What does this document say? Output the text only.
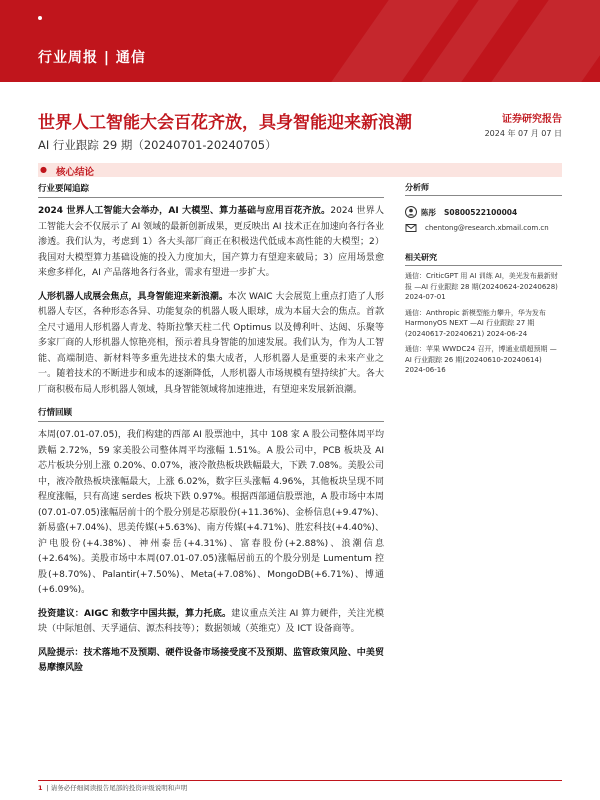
行业周报 | 通信
世界人工智能大会百花齐放，具身智能迎来新浪潮
AI 行业跟踪 29 期（20240701-20240705）
证券研究报告
2024 年 07 月 07 日
● 核心结论
行业要闻追踪

2024 世界人工智能大会举办，AI 大模型、算力基础与应用百花齐放。2024 世界人工智能大会不仅展示了 AI 领域的最新创新成果，更反映出 AI 技术正在加速向各行各业渗透。我们认为，考虑到 1）各大头部厂商正在积极迭代低成本高性能的大模型；2）我国对大模型算力基础设施的投入力度加大，国产算力有望迎来破局；3）应用场景愈来愈多样化，AI 产品落地各行各业，需求有望进一步扩大。

人形机器人成展会焦点，具身智能迎来新浪潮。本次 WAIC 大会展览上重点打造了人形机器人专区，各种形态各异、功能复杂的机器人吸人眼球，成为本届大会的焦点。首款全尺寸通用人形机器人青龙、特斯拉擎天柱二代 Optimus 以及傅利叶、达闼、乐聚等多家厂商的人形机器人惊艳亮相，预示着具身智能的加速发展。我们认为，作为人工智能、高端制造、新材料等多重先进技术的集大成者，人形机器人是重要的未来产业之一。随着技术的不断进步和成本的逐渐降低，人形机器人市场规模有望持续扩大。各大厂商积极布局人形机器人领域，具身智能领域将加速推进，有望迎来发展新浪潮。

行情回顾

本周(07.01-07.05)，我们构建的西部 AI 股票池中，其中 108 家 A 股公司整体周平均跌幅 2.72%，59 家美股公司整体周平均涨幅 1.51%。A 股公司中，PCB 板块及 AI 芯片板块分别上涨 0.20%、0.07%，液冷散热板块跌幅最大，下跌 7.08%。美股公司中，液冷散热板块涨幅最大，上涨 6.02%，数字巨头涨幅 4.96%，其他板块呈现不同程度涨幅，只有高速 serdes 板块下跌 0.97%。根据西部通信股票池，A 股市场中本周(07.01-07.05)涨幅居前十的个股分别是芯原股份(+11.36%)、金桥信息(+9.47%)、新易盛(+7.04%)、思美传媒(+5.63%)、南方传媒(+4.71%)、胜宏科技(+4.40%)、沪电股份(+4.38%)、神州泰岳(+4.31%)、富春股份(+2.88%)、浪潮信息(+2.64%)。美股市场中本周(07.01-07.05)涨幅居前五的个股分别是 Lumentum 控股(+8.70%)、Palantir(+7.50%)、Meta(+7.08%)、MongoDB(+6.71%)、博通(+6.09%)。

投资建议：AIGC 和数字中国共振，算力托底。建议重点关注 AI 算力硬件，关注光模块（中际旭创、天孚通信、源杰科技等）；数据领域（英维克）及 ICT 设备商等。

风险提示：技术落地不及预期、硬件设备市场接受度不及预期、监管政策风险、中美贸易摩擦风险

分析师
陈彤 S0800522100004
chentong@research.xbmail.com.cn
相关研究
通信：CriticGPT 用 AI 训练 AI，美光发布最新财报 —AI 行业跟踪 28 期(20240624-20240628) 2024-07-01
通信：Anthropic 新模型能力攀升，华为发布 HarmonyOS NEXT —AI 行业跟踪 27 期(20240617-20240621) 2024-06-24
通信：苹果 WWDC24 召开，博通业绩超预期 —AI 行业跟踪 26 期(20240610-20240614) 2024-06-16
1 | 请务必仔细阅读报告尾部的投资评级说明和声明
